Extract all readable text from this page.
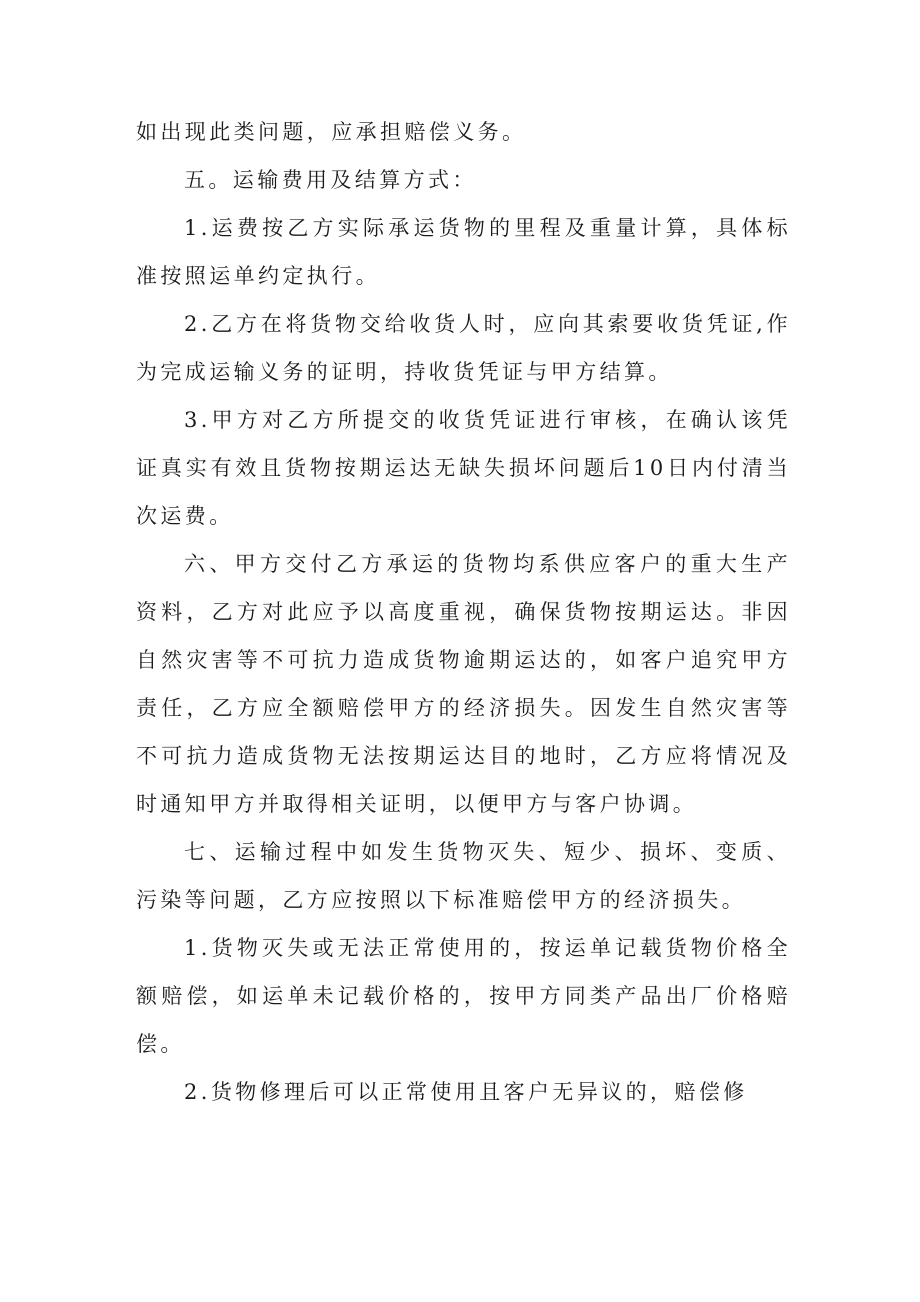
如出现此类问题，应承担赔偿义务。

五。运输费用及结算方式：

1.运费按乙方实际承运货物的里程及重量计算，具体标准按照运单约定执行。

2.乙方在将货物交给收货人时，应向其索要收货凭证,作为完成运输义务的证明，持收货凭证与甲方结算。

3.甲方对乙方所提交的收货凭证进行审核，在确认该凭证真实有效且货物按期运达无缺失损坏问题后10日内付清当次运费。

六、甲方交付乙方承运的货物均系供应客户的重大生产资料，乙方对此应予以高度重视，确保货物按期运达。非因自然灾害等不可抗力造成货物逾期运达的，如客户追究甲方责任，乙方应全额赔偿甲方的经济损失。因发生自然灾害等不可抗力造成货物无法按期运达目的地时，乙方应将情况及时通知甲方并取得相关证明，以便甲方与客户协调。

七、运输过程中如发生货物灭失、短少、损坏、变质、污染等问题，乙方应按照以下标准赔偿甲方的经济损失。

1.货物灭失或无法正常使用的，按运单记载货物价格全额赔偿，如运单未记载价格的，按甲方同类产品出厂价格赔偿。

2.货物修理后可以正常使用且客户无异议的，赔偿修
